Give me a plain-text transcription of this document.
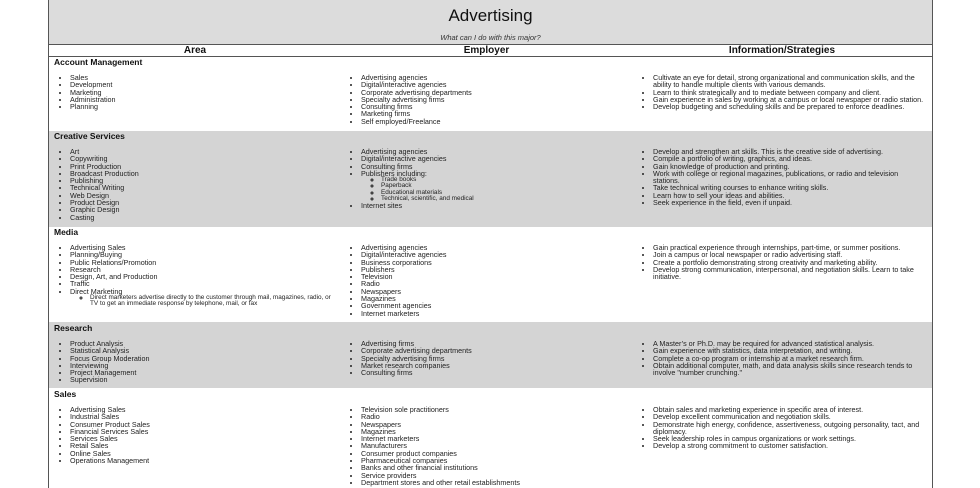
Advertising
What can I do with this major?
Area	Employer	Information/Strategies
Account Management
• Sales
• Development
• Marketing
• Administration
• Planning
• Advertising agencies
• Digital/interactive agencies
• Corporate advertising departments
• Specialty advertising firms
• Consulting firms
• Marketing firms
• Self employed/Freelance
• Cultivate an eye for detail, strong organizational and communication skills, and the ability to handle multiple clients with various demands.
• Learn to think strategically and to mediate between company and client.
• Gain experience in sales by working at a campus or local newspaper or radio station.
• Develop budgeting and scheduling skills and be prepared to enforce deadlines.
Creative Services
• Art
• Copywriting
• Print Production
• Broadcast Production
• Publishing
• Technical Writing
• Web Design
• Product Design
• Graphic Design
• Casting
• Advertising agencies
• Digital/interactive agencies
• Consulting firms
• Publishers including:
◦ Trade books
◦ Paperback
◦ Educational materials
◦ Technical, scientific, and medical
• Internet sites
• Develop and strengthen art skills. This is the creative side of advertising.
• Compile a portfolio of writing, graphics, and ideas.
• Gain knowledge of production and printing.
• Work with college or regional magazines, publications, or radio and television stations.
• Take technical writing courses to enhance writing skills.
• Learn how to sell your ideas and abilities.
• Seek experience in the field, even if unpaid.
Media
• Advertising Sales
• Planning/Buying
• Public Relations/Promotion
• Research
• Design, Art, and Production
• Traffic
• Direct Marketing
◦ Direct marketers advertise directly to the customer through mail, magazines, radio, or TV to get an immediate response by telephone, mail, or fax
• Advertising agencies
• Digital/interactive agencies
• Business corporations
• Publishers
• Television
• Radio
• Newspapers
• Magazines
• Government agencies
• Internet marketers
• Gain practical experience through internships, part-time, or summer positions.
• Join a campus or local newspaper or radio advertising staff.
• Create a portfolio demonstrating strong creativity and marketing ability.
• Develop strong communication, interpersonal, and negotiation skills. Learn to take initiative.
Research
• Product Analysis
• Statistical Analysis
• Focus Group Moderation
• Interviewing
• Project Management
• Supervision
• Advertising firms
• Corporate advertising departments
• Specialty advertising firms
• Market research companies
• Consulting firms
• A Master’s or Ph.D. may be required for advanced statistical analysis.
• Gain experience with statistics, data interpretation, and writing.
• Complete a co-op program or internship at a market research firm.
• Obtain additional computer, math, and data analysis skills since research tends to involve "number crunching."
Sales
• Advertising Sales
• Industrial Sales
• Consumer Product Sales
• Financial Services Sales
• Services Sales
• Retail Sales
• Online Sales
• Operations Management
• Television sole practitioners
• Radio
• Newspapers
• Magazines
• Internet marketers
• Manufacturers
• Consumer product companies
• Pharmaceutical companies
• Banks and other financial institutions
• Service providers
• Department stores and other retail establishments
• Obtain sales and marketing experience in specific area of interest.
• Develop excellent communication and negotiation skills.
• Demonstrate high energy, confidence, assertiveness, outgoing personality, tact, and diplomacy.
• Seek leadership roles in campus organizations or work settings.
• Develop a strong commitment to customer satisfaction.
